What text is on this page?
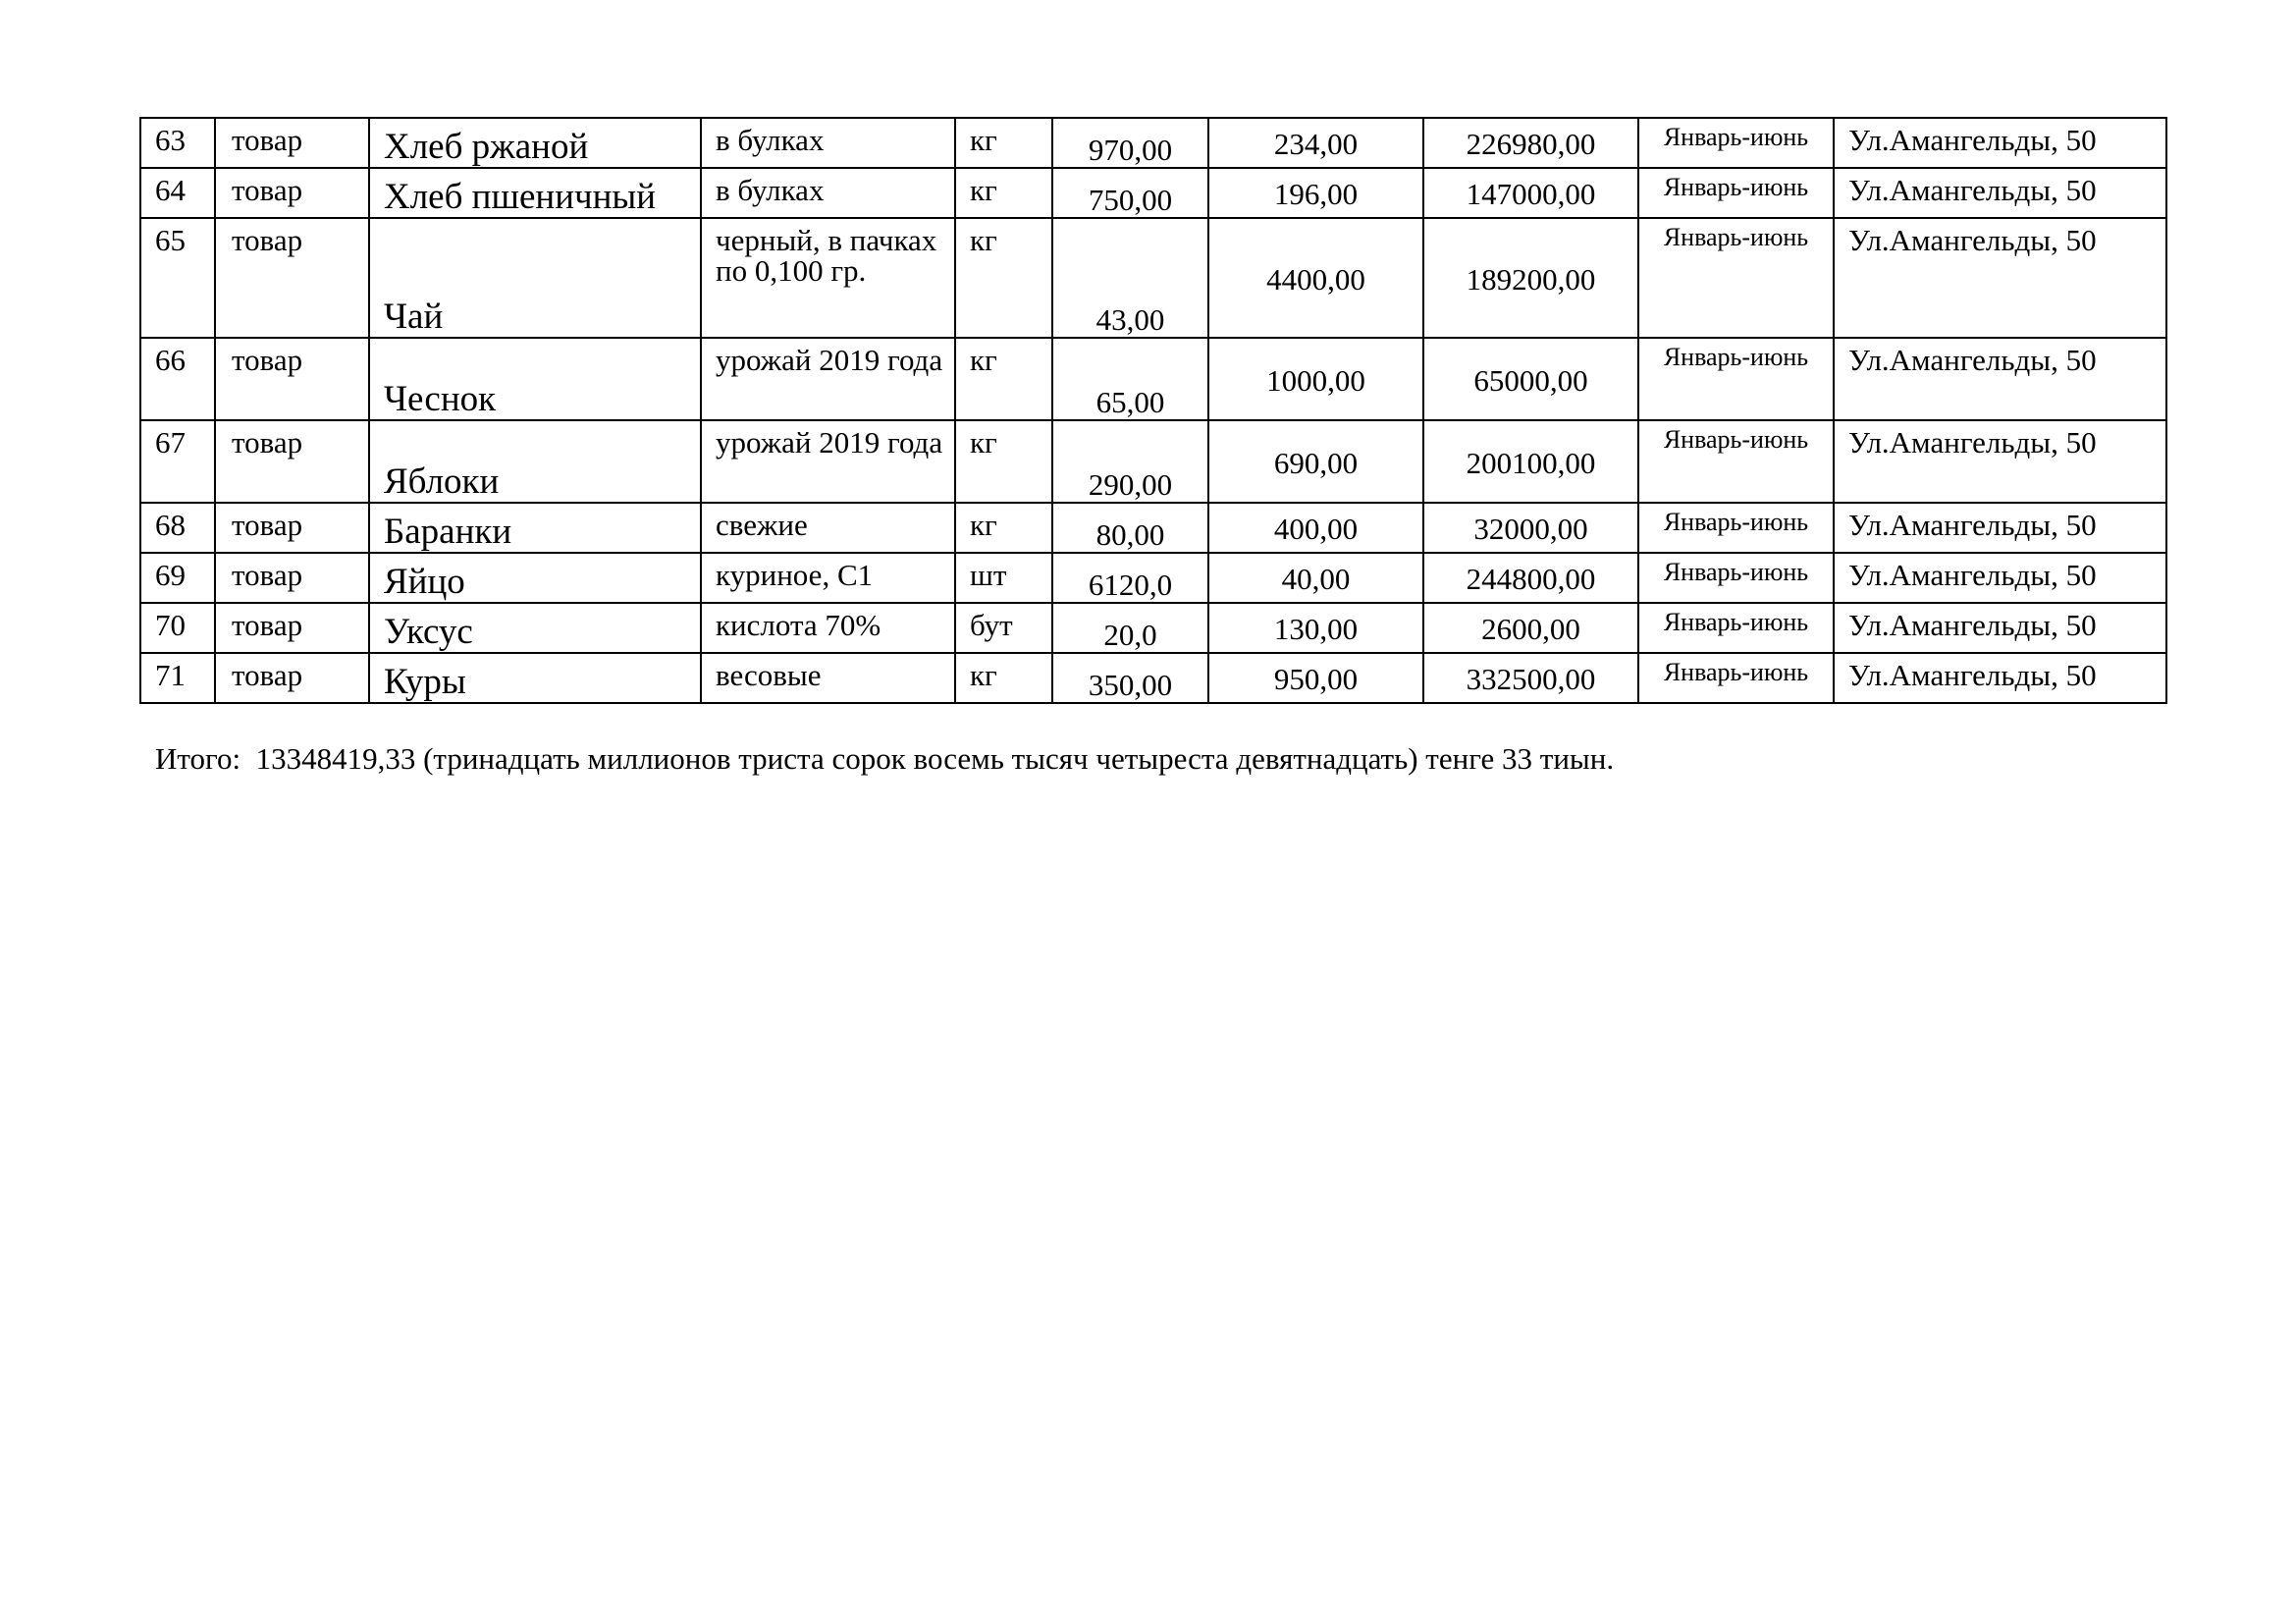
63	товар	Хлеб ржаной	в булках	кг	970,00	234,00	226980,00	Январь-июнь	Ул.Амангельды, 50
64	товар	Хлеб пшеничный	в булках	кг	750,00	196,00	147000,00	Январь-июнь	Ул.Амангельды, 50
65	товар	Чай	черный, в пачках по 0,100 гр.	кг	43,00	4400,00	189200,00	Январь-июнь	Ул.Амангельды, 50
66	товар	Чеснок	урожай 2019 года	кг	65,00	1000,00	65000,00	Январь-июнь	Ул.Амангельды, 50
67	товар	Яблоки	урожай 2019 года	кг	290,00	690,00	200100,00	Январь-июнь	Ул.Амангельды, 50
68	товар	Баранки	свежие	кг	80,00	400,00	32000,00	Январь-июнь	Ул.Амангельды, 50
69	товар	Яйцо	куриное, С1	шт	6120,0	40,00	244800,00	Январь-июнь	Ул.Амангельды, 50
70	товар	Уксус	кислота 70%	бут	20,0	130,00	2600,00	Январь-июнь	Ул.Амангельды, 50
71	товар	Куры	весовые	кг	350,00	950,00	332500,00	Январь-июнь	Ул.Амангельды, 50
Итого: 13348419,33 (тринадцать миллионов триста сорок восемь тысяч четыреста девятнадцать) тенге 33 тиын.
